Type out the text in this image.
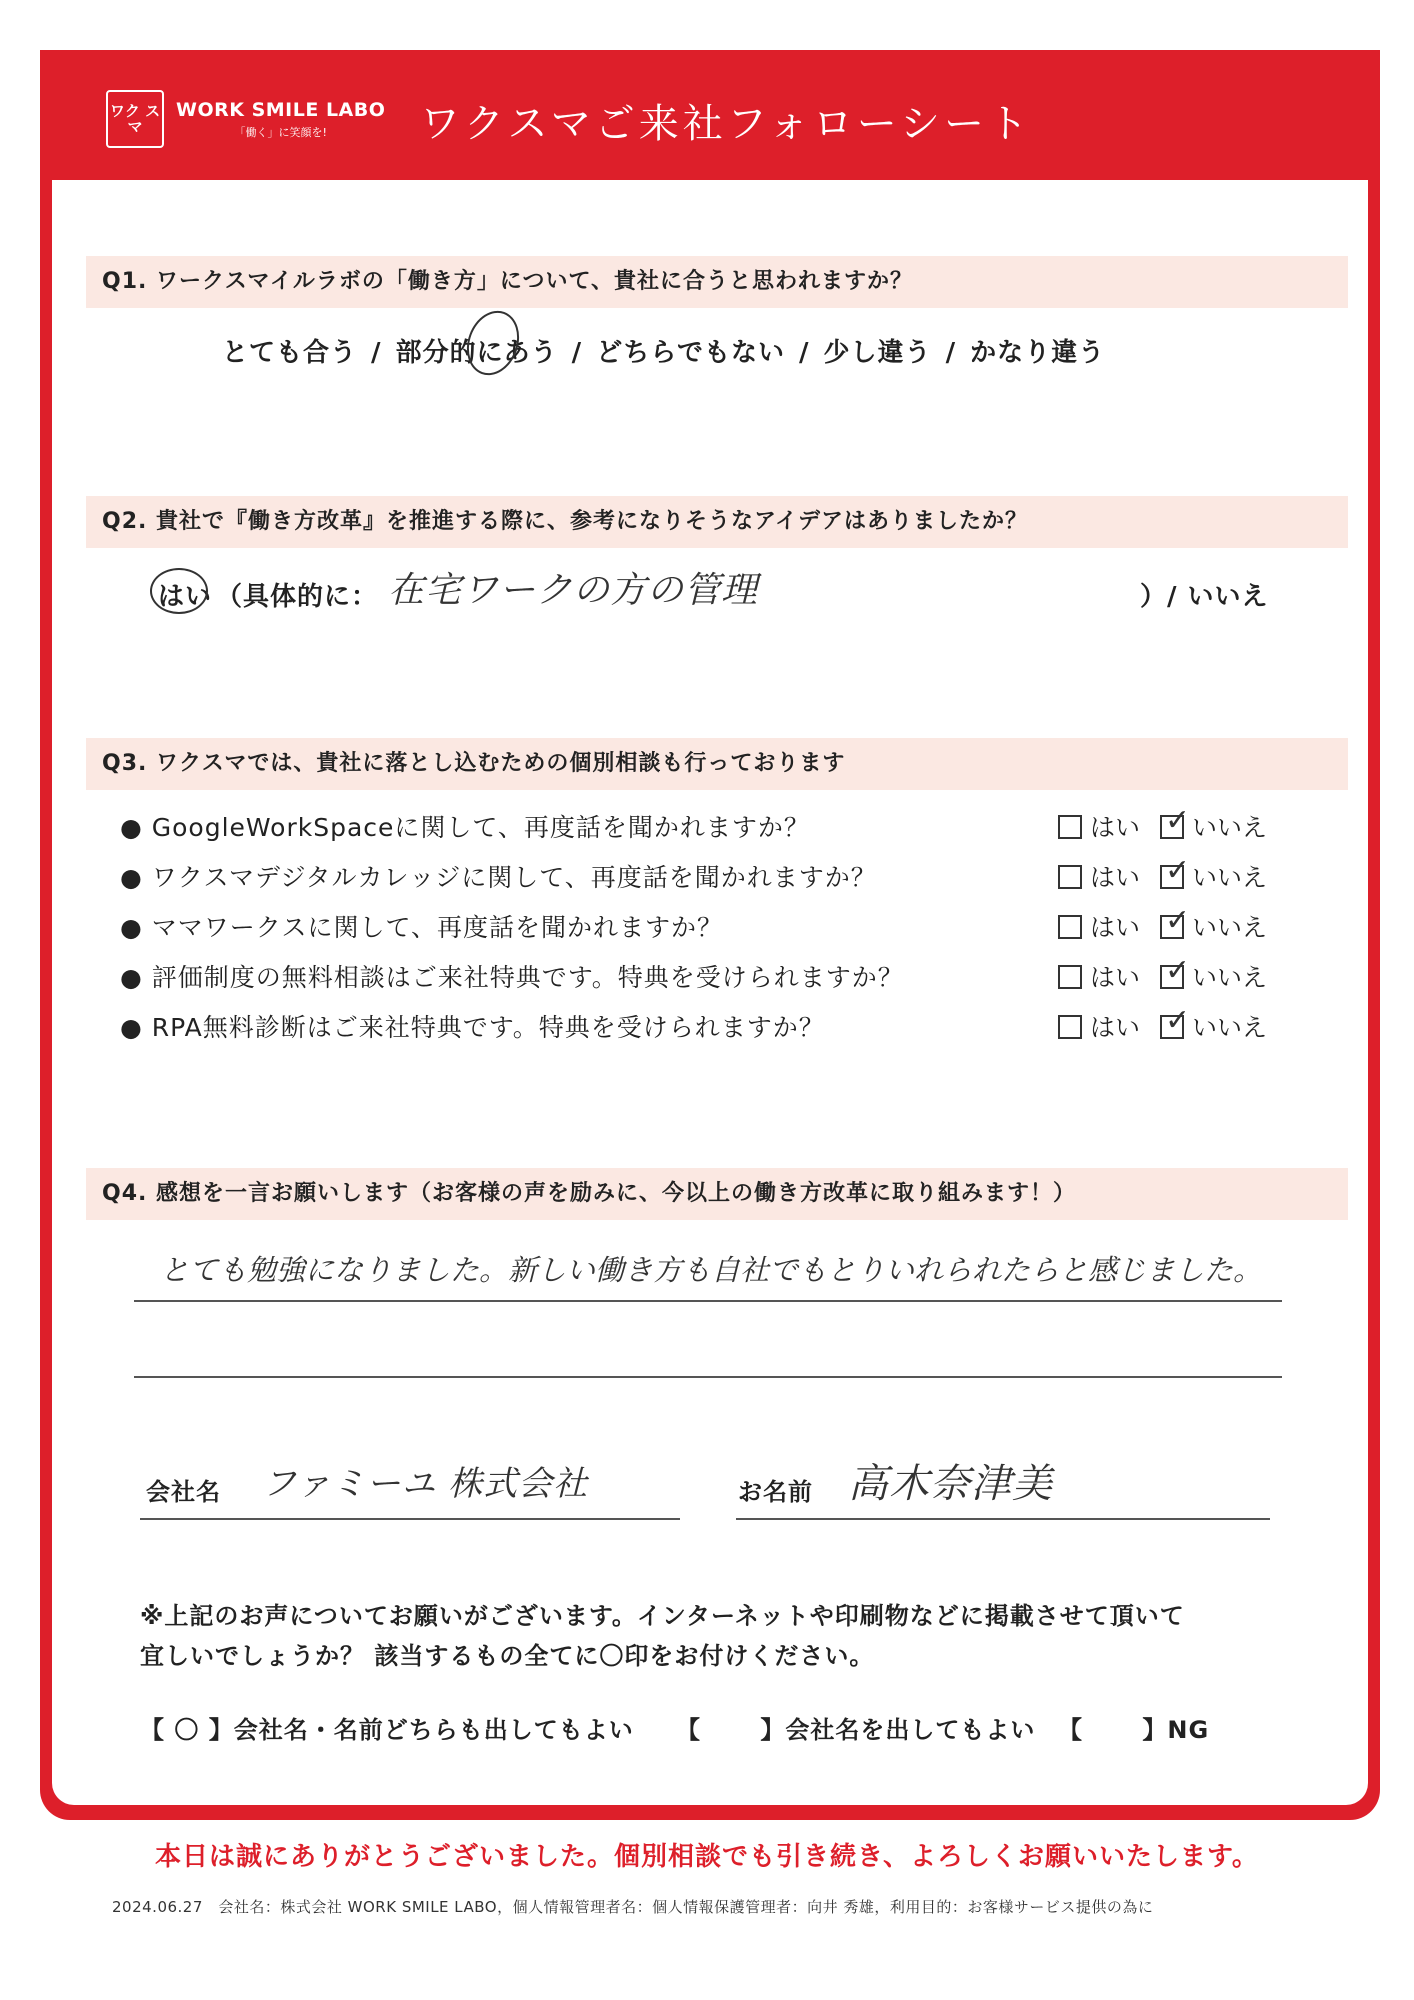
ワク スマ
WORK SMILE LABO
「働く」に笑顔を!	ワクスマご来社フォローシート
Q1. ワークスマイルラボの「働き方」について、貴社に合うと思われますか？
とても合う / 部分的にあう / どちらでもない / 少し違う / かなり違う
Q2. 貴社で『働き方改革』を推進する際に、参考になりそうなアイデアはありましたか？
はい （具体的に： 在宅ワークの方の管理	）/ いいえ
Q3. ワクスマでは、貴社に落とし込むための個別相談も行っております
● GoogleWorkSpaceに関して、再度話を聞かれますか？	はい ✓ いいえ
● ワクスマデジタルカレッジに関して、再度話を聞かれますか？	はい ✓ いいえ
● ママワークスに関して、再度話を聞かれますか？	はい ✓ いいえ
● 評価制度の無料相談はご来社特典です。特典を受けられますか？	はい ✓ いいえ
● RPA無料診断はご来社特典です。特典を受けられますか？	はい ✓ いいえ
Q4. 感想を一言お願いします（お客様の声を励みに、今以上の働き方改革に取り組みます！）
とても勉強になりました。新しい働き方も自社でもとりいれられたらと感じました。
会社名 ファミーユ 株式会社	お名前 高木奈津美
※上記のお声についてお願いがございます。インターネットや印刷物などに掲載させて頂いて
宜しいでしょうか？ 該当するもの全てに〇印をお付けください。
【 〇 】会社名・名前どちらも出してもよい 【　　 】会社名を出してもよい 【　　 】NG
本日は誠にありがとうございました。個別相談でも引き続き、よろしくお願いいたします。
2024.06.27　会社名：株式会社 WORK SMILE LABO，個人情報管理者名：個人情報保護管理者：向井 秀雄，利用目的：お客様サービス提供の為に
